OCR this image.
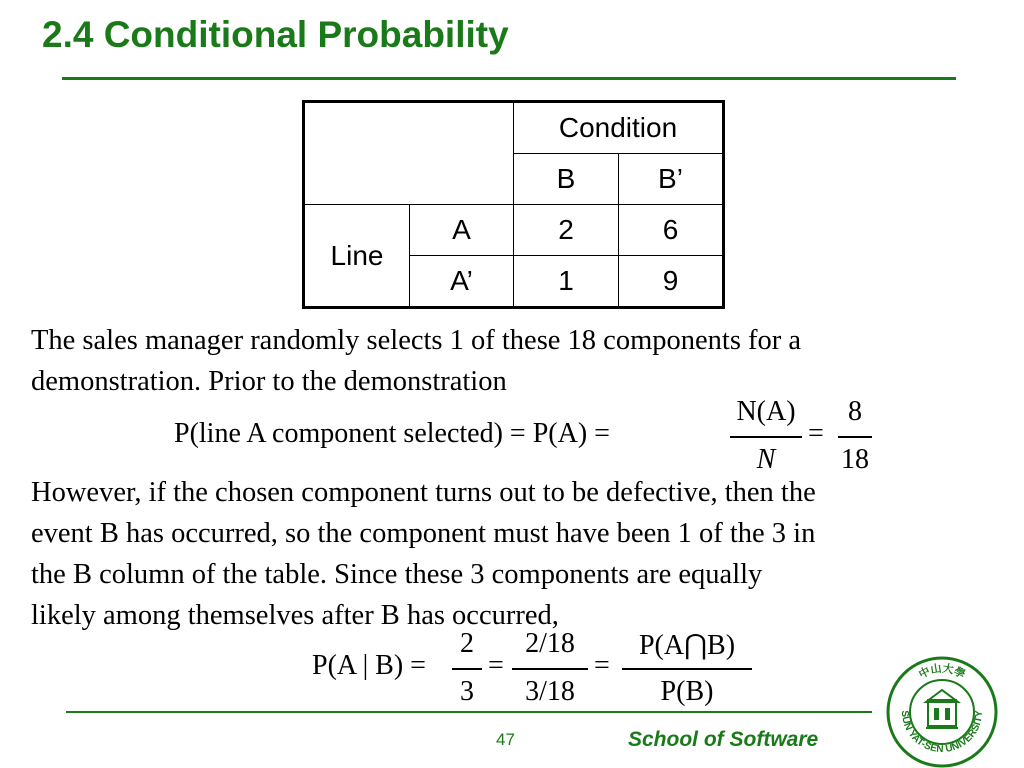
2.4 Conditional Probability
		Condition	
		B	B’
Line	A	2	6
	A’	1	9
The sales manager randomly selects 1 of these 18 components for a
demonstration. Prior to the demonstration
P(line A component selected) = P(A) =
N(A)
N
=
8
18
However, if the chosen component turns out to be defective, then the
event B has occurred, so the component must have been 1 of the 3 in
the B column of the table. Since these 3 components are equally
likely among themselves after B has occurred,
P(A | B) =
2
3
=
2/18
3/18
=
P(A⋂B)
P(B)
47	School of Software
SUN YAT-SEN UNIVERSITY
中山大學
